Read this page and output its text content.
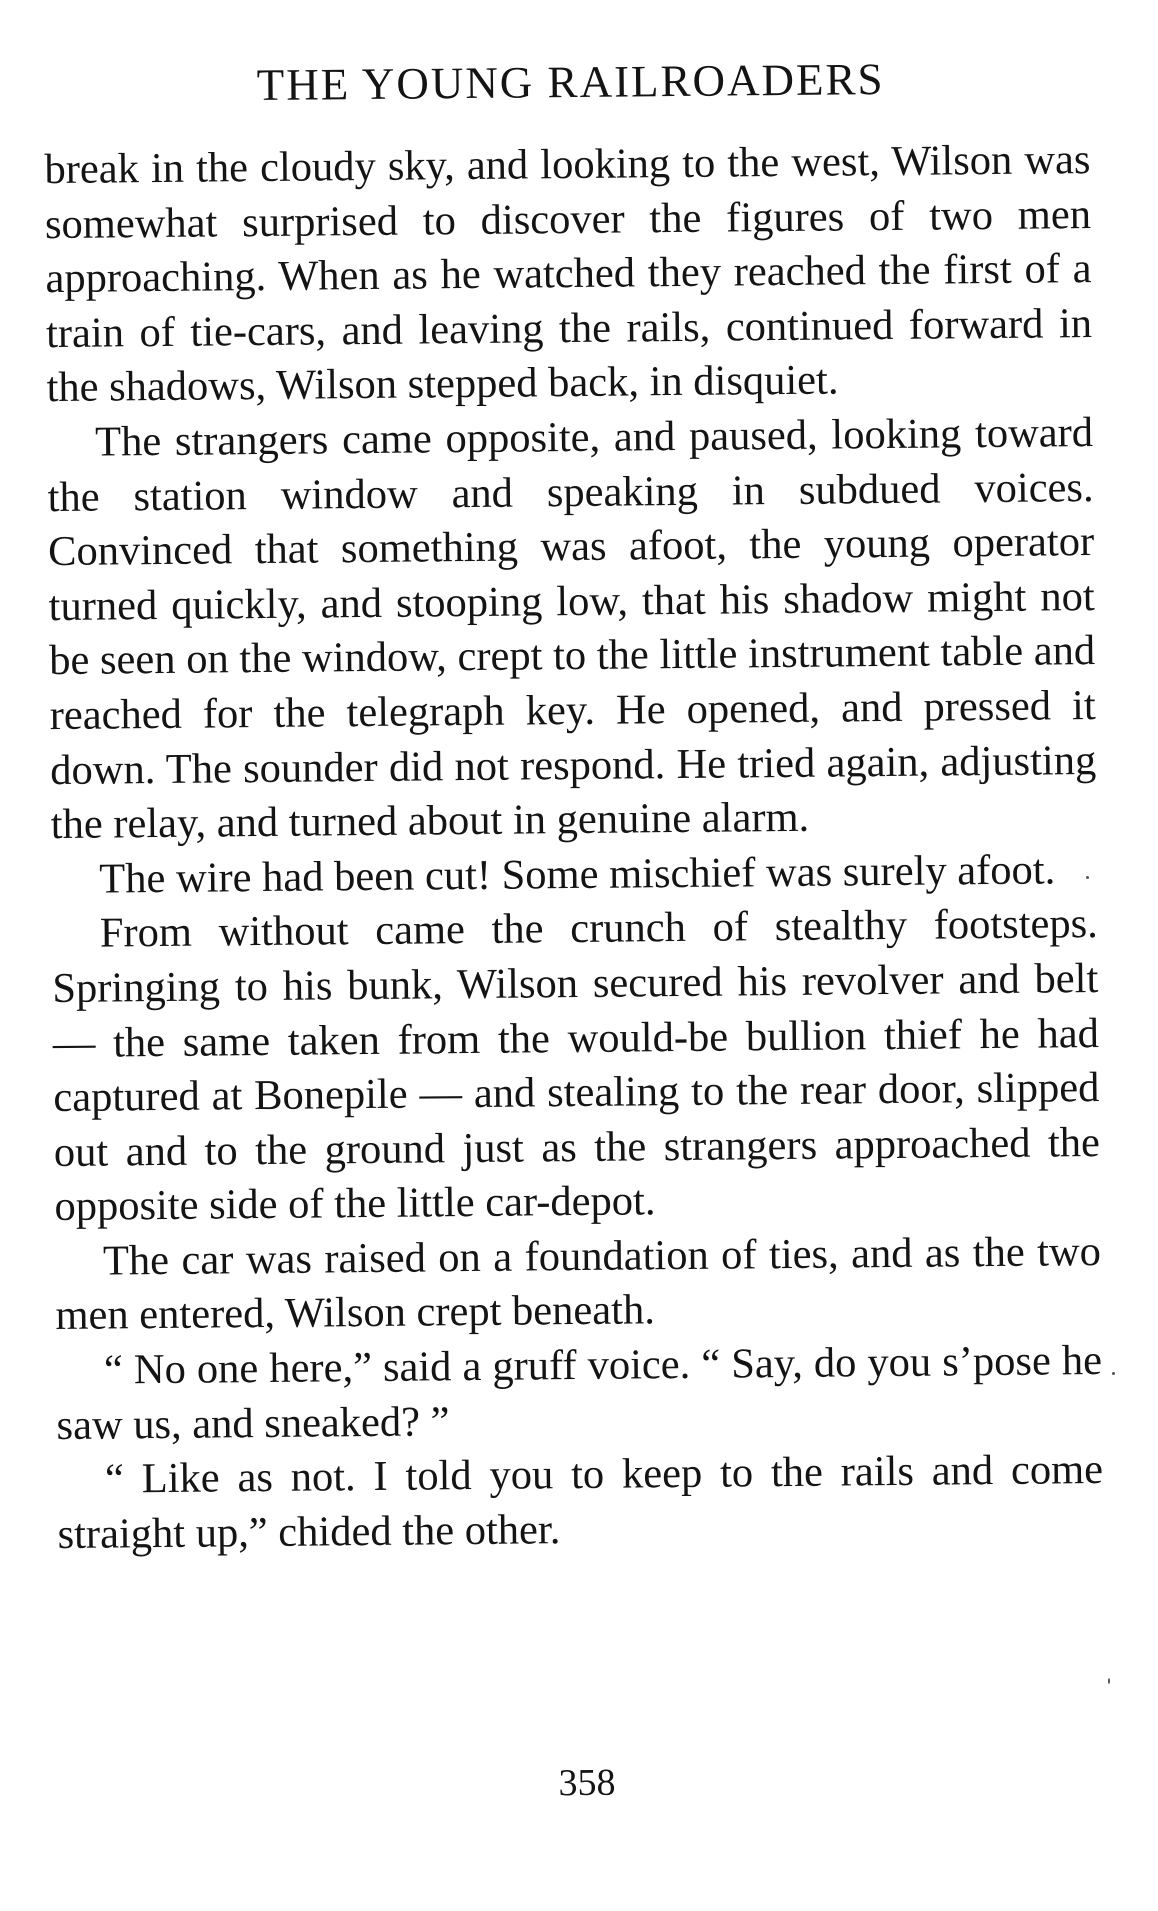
THE YOUNG RAILROADERS

break in the cloudy sky, and looking to the west, Wilson was somewhat surprised to discover the figures of two men approaching. When as he watched they reached the first of a train of tie-cars, and leaving the rails, continued forward in the shadows, Wilson stepped back, in disquiet.

The strangers came opposite, and paused, looking toward the station window and speaking in subdued voices. Convinced that something was afoot, the young operator turned quickly, and stooping low, that his shadow might not be seen on the window, crept to the little instrument table and reached for the telegraph key. He opened, and pressed it down. The sounder did not respond. He tried again, adjusting the relay, and turned about in genuine alarm.

The wire had been cut! Some mischief was surely afoot.

From without came the crunch of stealthy footsteps. Springing to his bunk, Wilson secured his revolver and belt — the same taken from the would-be bullion thief he had captured at Bonepile — and stealing to the rear door, slipped out and to the ground just as the strangers approached the opposite side of the little car-depot.

The car was raised on a foundation of ties, and as the two men entered, Wilson crept beneath.

“ No one here,” said a gruff voice. “ Say, do you s’pose he saw us, and sneaked? ”

“ Like as not. I told you to keep to the rails and come straight up,” chided the other.

358
